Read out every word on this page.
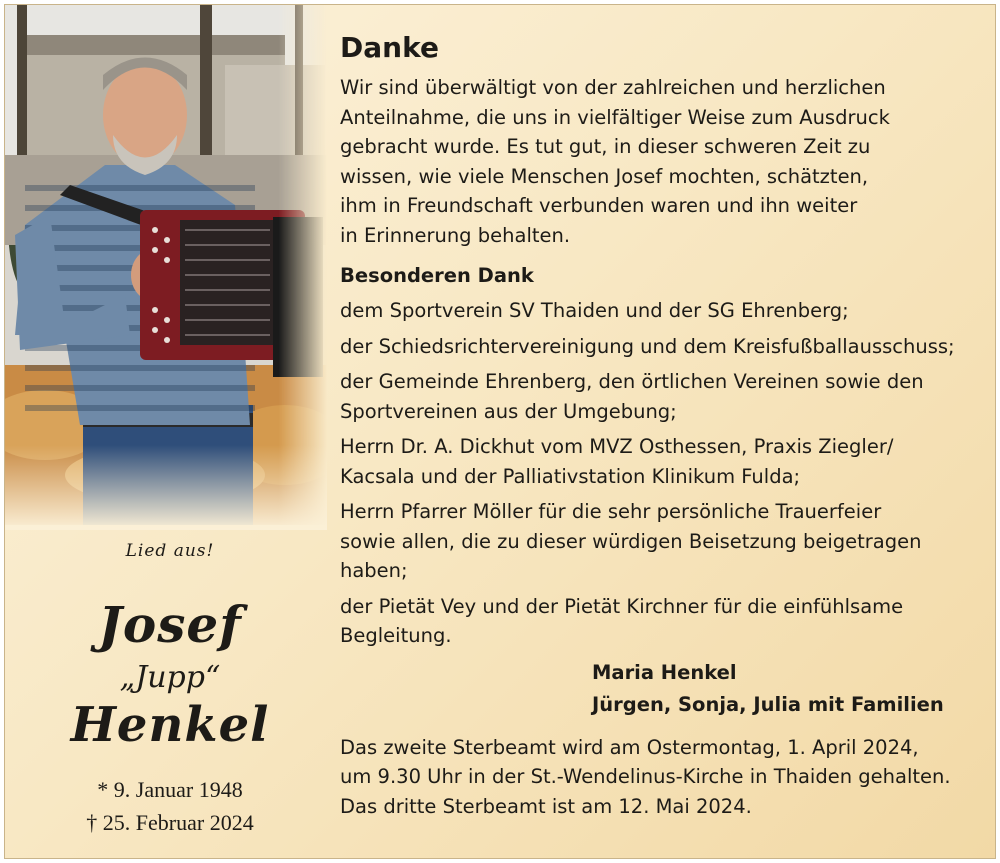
Lied aus!
Josef
„Jupp“
Henkel
* 9. Januar 1948
† 25. Februar 2024
Danke
Wir sind überwältigt von der zahlreichen und herzlichen
Anteilnahme, die uns in vielfältiger Weise zum Ausdruck
gebracht wurde. Es tut gut, in dieser schweren Zeit zu
wissen, wie viele Menschen Josef mochten, schätzten,
ihm in Freundschaft verbunden waren und ihn weiter
in Erinnerung behalten.
Besonderen Dank
dem Sportverein SV Thaiden und der SG Ehrenberg;
der Schiedsrichtervereinigung und dem Kreisfußballausschuss;
der Gemeinde Ehrenberg, den örtlichen Vereinen sowie den
Sportvereinen aus der Umgebung;
Herrn Dr. A. Dickhut vom MVZ Osthessen, Praxis Ziegler/
Kacsala und der Palliativstation Klinikum Fulda;
Herrn Pfarrer Möller für die sehr persönliche Trauerfeier
sowie allen, die zu dieser würdigen Beisetzung beigetragen
haben;
der Pietät Vey und der Pietät Kirchner für die einfühlsame
Begleitung.
Maria Henkel
Jürgen, Sonja, Julia mit Familien
Das zweite Sterbeamt wird am Ostermontag, 1. April 2024,
um 9.30 Uhr in der St.-Wendelinus-Kirche in Thaiden gehalten.
Das dritte Sterbeamt ist am 12. Mai 2024.
